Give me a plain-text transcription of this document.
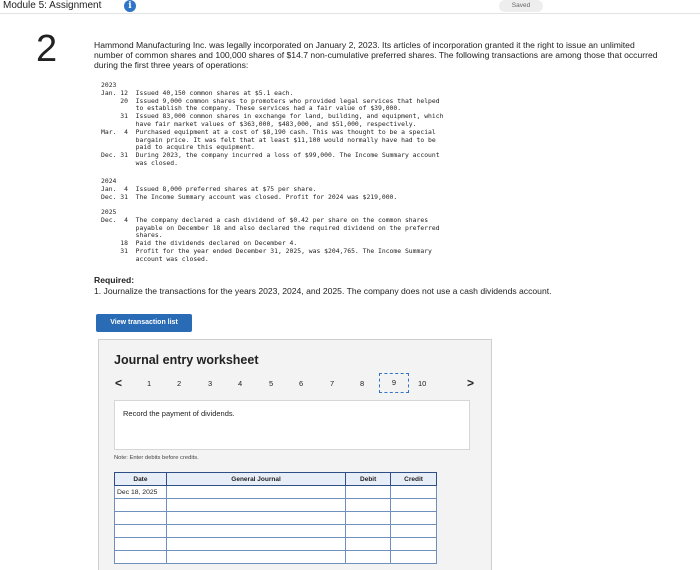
Module 5: Assignment	i	Saved
2	Hammond Manufacturing Inc. was legally incorporated on January 2, 2023. Its articles of incorporation granted it the right to issue an unlimited number of common shares and 100,000 shares of $14.7 non-cumulative preferred shares. The following transactions are among those that occurred during the first three years of operations:
2023
Jan. 12  Issued 40,150 common shares at $5.1 each.
20  Issued 9,000 common shares to promoters who provided legal services that helped
to establish the company. These services had a fair value of $39,000.
31  Issued 83,000 common shares in exchange for land, building, and equipment, which
have fair market values of $363,000, $483,000, and $51,000, respectively.
Mar.  4  Purchased equipment at a cost of $8,190 cash. This was thought to be a special
bargain price. It was felt that at least $11,100 would normally have had to be
paid to acquire this equipment.
Dec. 31  During 2023, the company incurred a loss of $99,000. The Income Summary account
was closed.
2024
Jan.  4  Issued 8,000 preferred shares at $75 per share.
Dec. 31  The Income Summary account was closed. Profit for 2024 was $219,000.
2025
Dec.  4  The company declared a cash dividend of $0.42 per share on the common shares
payable on December 18 and also declared the required dividend on the preferred
shares.
18  Paid the dividends declared on December 4.
31  Profit for the year ended December 31, 2025, was $204,765. The Income Summary
account was closed.
Required:
1. Journalize the transactions for the years 2023, 2024, and 2025. The company does not use a cash dividends account.
View transaction list
Journal entry worksheet
<	1	2	3	4	5	6	7	8	9	10	>
Record the payment of dividends.
Note: Enter debits before credits.
Date	General Journal	Debit	Credit
Dec 18, 2025			
